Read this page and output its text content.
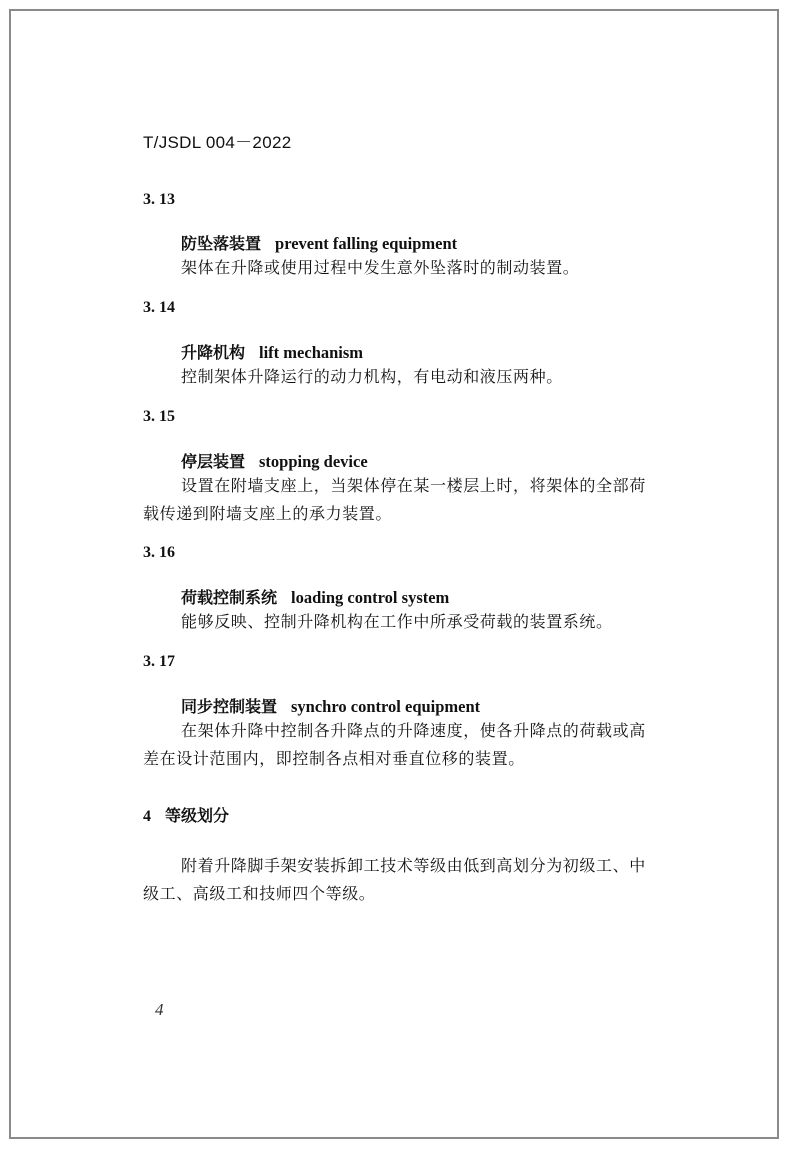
T/JSDL 004－2022
3. 13
防坠落装置 prevent falling equipment

架体在升降或使用过程中发生意外坠落时的制动装置。

3. 14
升降机构 lift mechanism

控制架体升降运行的动力机构，有电动和液压两种。

3. 15
停层装置 stopping device

设置在附墙支座上，当架体停在某一楼层上时，将架体的全部荷载传递到附墙支座上的承力装置。

3. 16
荷载控制系统 loading control system

能够反映、控制升降机构在工作中所承受荷载的装置系统。

3. 17
同步控制装置 synchro control equipment

在架体升降中控制各升降点的升降速度，使各升降点的荷载或高差在设计范围内，即控制各点相对垂直位移的装置。

4 等级划分

附着升降脚手架安装拆卸工技术等级由低到高划分为初级工、中级工、高级工和技师四个等级。

4
